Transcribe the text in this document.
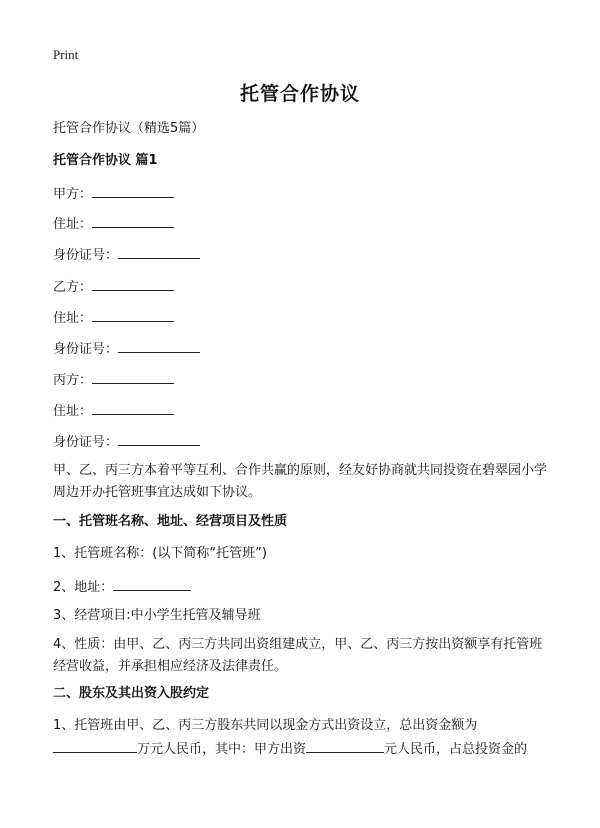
Print
托管合作协议
托管合作协议（精选5篇）
托管合作协议 篇1
甲方：
住址：
身份证号：
乙方：
住址：
身份证号：
丙方：
住址：
身份证号：
甲、乙、丙三方本着平等互利、合作共赢的原则，经友好协商就共同投资在碧翠园小学周边开办托管班事宜达成如下协议。
一、托管班名称、地址、经营项目及性质
1、托管班名称：(以下简称“托管班”)
2、地址：
3、经营项目:中小学生托管及辅导班
4、性质：由甲、乙、丙三方共同出资组建成立，甲、乙、丙三方按出资额享有托管班经营收益，并承担相应经济及法律责任。
二、股东及其出资入股约定
1、托管班由甲、乙、丙三方股东共同以现金方式出资设立，总出资金额为
万元人民币，其中：甲方出资	元人民币，占总投资金的
